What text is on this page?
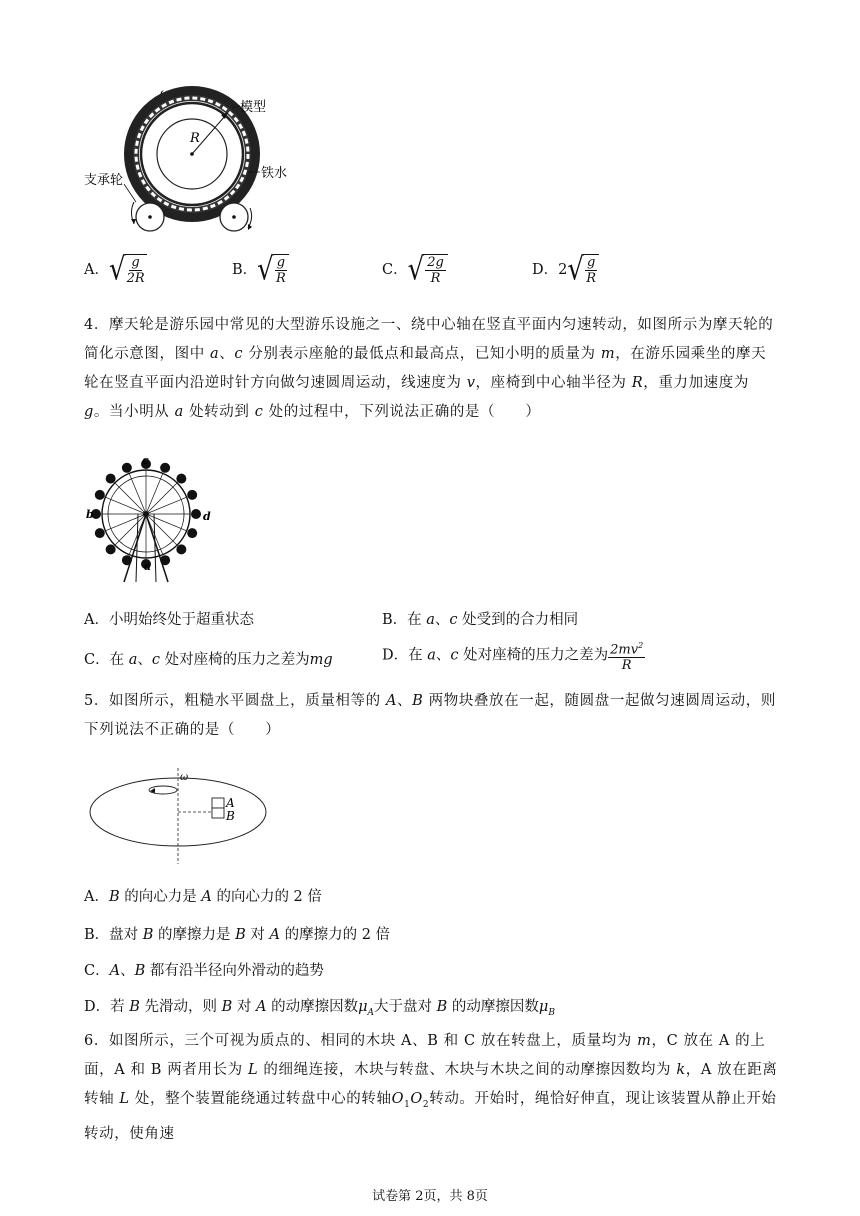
ω
R
模型
铁水
支承轮
A． √ $\frac{g}{2R}$	B． √ $\frac{g}{R}$	C． √ $\frac{2g}{R}$	D．2 √ $\frac{g}{R}$
4．摩天轮是游乐园中常见的大型游乐设施之一、绕中心轴在竖直平面内匀速转动，如图所示为摩天轮的简化示意图，图中 a、c 分别表示座舱的最低点和最高点，已知小明的质量为 m，在游乐园乘坐的摩天轮在竖直平面内沿逆时针方向做匀速圆周运动，线速度为 v，座椅到中心轴半径为 R，重力加速度为 g。当小明从 a 处转动到 c 处的过程中，下列说法正确的是（　　）
c
b	d
a
A．小明始终处于超重状态	B．在 a、c 处受到的合力相同
C．在 a、c 处对座椅的压力之差为mg	D．在 a、c 处对座椅的压力之差为 $\frac{2mv^2}{R}$
5．如图所示，粗糙水平圆盘上，质量相等的 A、B 两物块叠放在一起，随圆盘一起做匀速圆周运动，则下列说法不正确的是（　　）
ω
A
B
A．B 的向心力是 A 的向心力的 2 倍
B．盘对 B 的摩擦力是 B 对 A 的摩擦力的 2 倍
C．A、B 都有沿半径向外滑动的趋势
D．若 B 先滑动，则 B 对 A 的动摩擦因数$\mu_A$大于盘对 B 的动摩擦因数$\mu_B$
6．如图所示，三个可视为质点的、相同的木块 A、B 和 C 放在转盘上，质量均为 m，C 放在 A 的上面，A 和 B 两者用长为 L 的细绳连接，木块与转盘、木块与木块之间的动摩擦因数均为 k，A 放在距离转轴 L 处，整个装置能绕通过转盘中心的转轴$O_1O_2$转动。开始时，绳恰好伸直，现让该装置从静止开始转动，使角速
试卷第 2页，共 8页
